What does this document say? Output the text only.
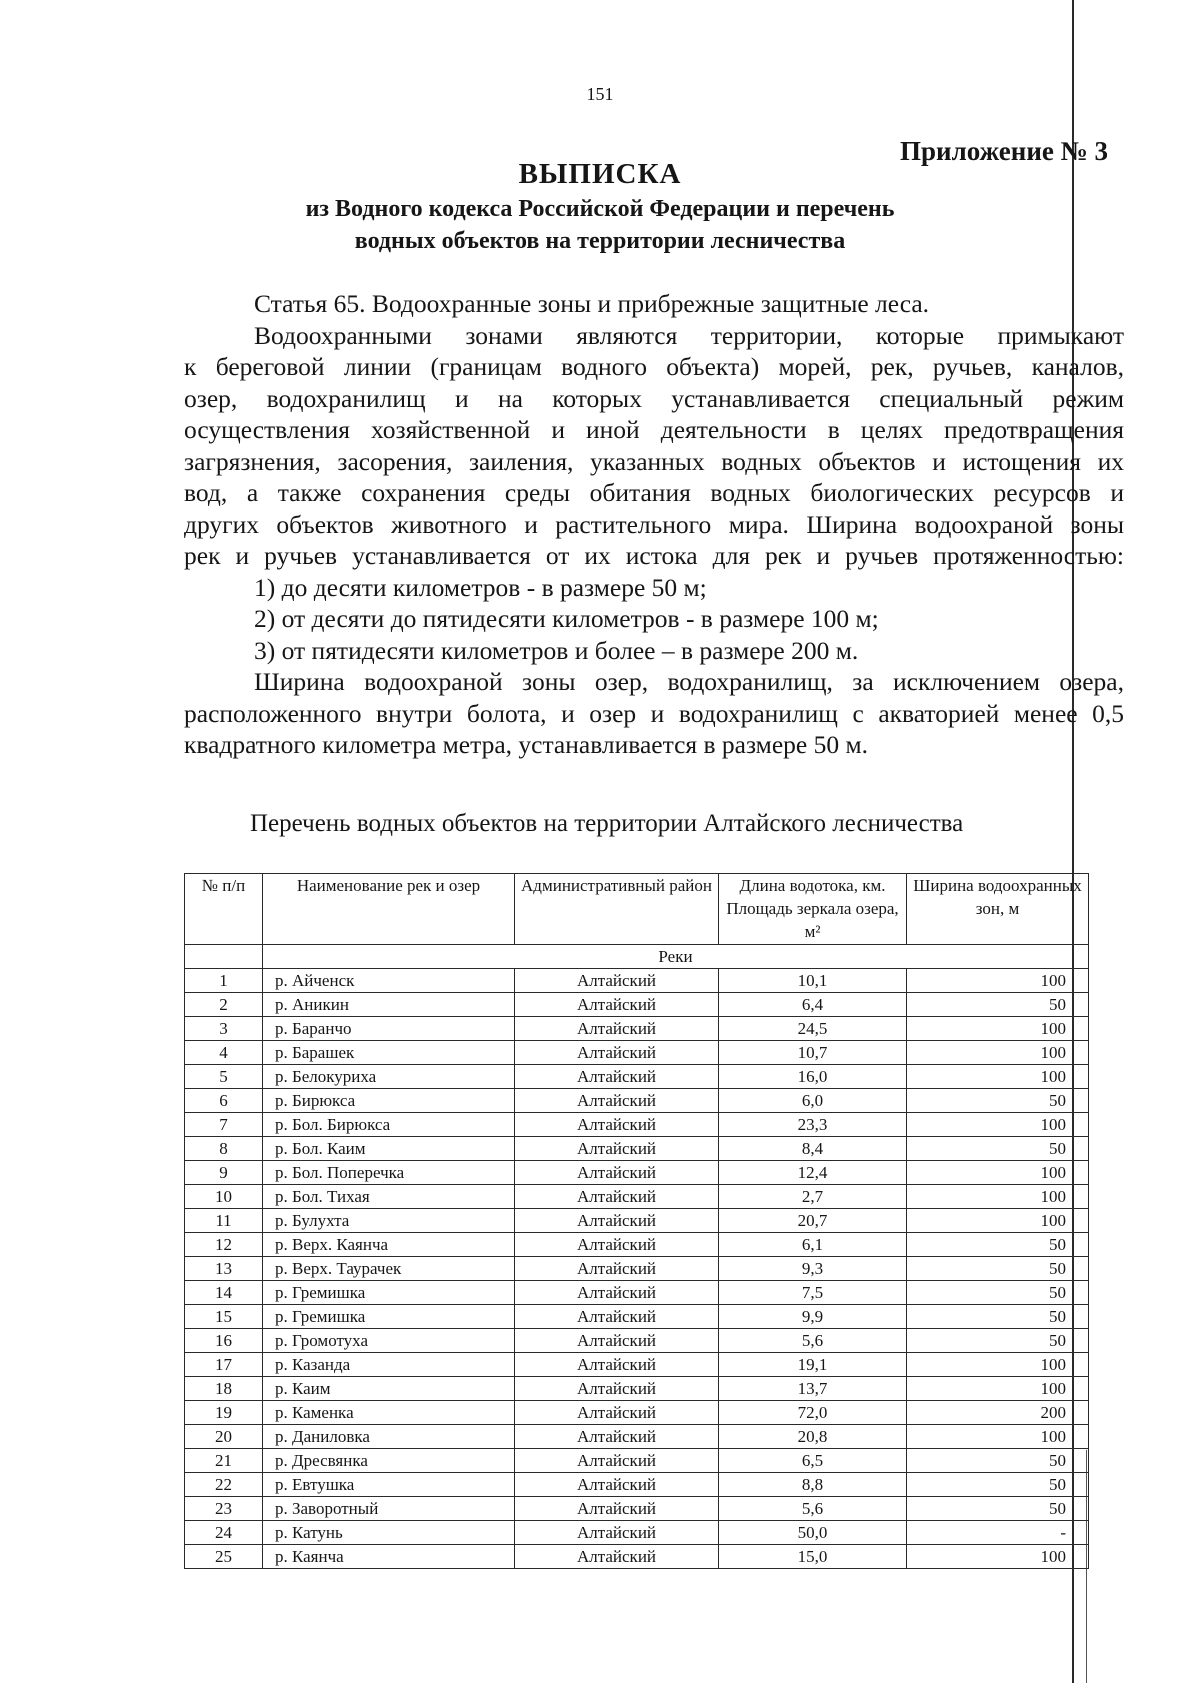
151
Приложение № 3
ВЫПИСКА
из Водного кодекса Российской Федерации и перечень
водных объектов на территории лесничества

Статья 65. Водоохранные зоны и прибрежные защитные леса.

Водоохранными зонами являются территории, которые примыкают

к береговой линии (границам водного объекта) морей, рек, ручьев, каналов,

озер, водохранилищ и на которых устанавливается специальный режим

осуществления хозяйственной и иной деятельности в целях предотвращения

загрязнения, засорения, заиления, указанных водных объектов и истощения их

вод, а также сохранения среды обитания водных биологических ресурсов и

других объектов животного и растительного мира. Ширина водоохраной зоны

рек и ручьев устанавливается от их истока для рек и ручьев протяженностью:

1) до десяти километров - в размере 50 м;

2) от десяти до пятидесяти километров - в размере 100 м;

3) от пятидесяти километров и более – в размере 200 м.

Ширина водоохраной зоны озер, водохранилищ, за исключением озера,

расположенного внутри болота, и озер и водохранилищ с акваторией менее 0,5

квадратного километра метра, устанавливается в размере 50 м.

Перечень водных объектов на территории Алтайского лесничества
№ п/п	Наименование рек и озер	Административный район	Длина водотока, км. Площадь зеркала озера, м²	Ширина водоохранных зон, м
	Реки			
1	р. Айченск	Алтайский	10,1	100
2	р. Аникин	Алтайский	6,4	50
3	р. Баранчо	Алтайский	24,5	100
4	р. Барашек	Алтайский	10,7	100
5	р. Белокуриха	Алтайский	16,0	100
6	р. Бирюкса	Алтайский	6,0	50
7	р. Бол. Бирюкса	Алтайский	23,3	100
8	р. Бол. Каим	Алтайский	8,4	50
9	р. Бол. Поперечка	Алтайский	12,4	100
10	р. Бол. Тихая	Алтайский	2,7	100
11	р. Булухта	Алтайский	20,7	100
12	р. Верх. Каянча	Алтайский	6,1	50
13	р. Верх. Таурачек	Алтайский	9,3	50
14	р. Гремишка	Алтайский	7,5	50
15	р. Гремишка	Алтайский	9,9	50
16	р. Громотуха	Алтайский	5,6	50
17	р. Казанда	Алтайский	19,1	100
18	р. Каим	Алтайский	13,7	100
19	р. Каменка	Алтайский	72,0	200
20	р. Даниловка	Алтайский	20,8	100
21	р. Дресвянка	Алтайский	6,5	50
22	р. Евтушка	Алтайский	8,8	50
23	р. Заворотный	Алтайский	5,6	50
24	р. Катунь	Алтайский	50,0	-
25	р. Каянча	Алтайский	15,0	100
